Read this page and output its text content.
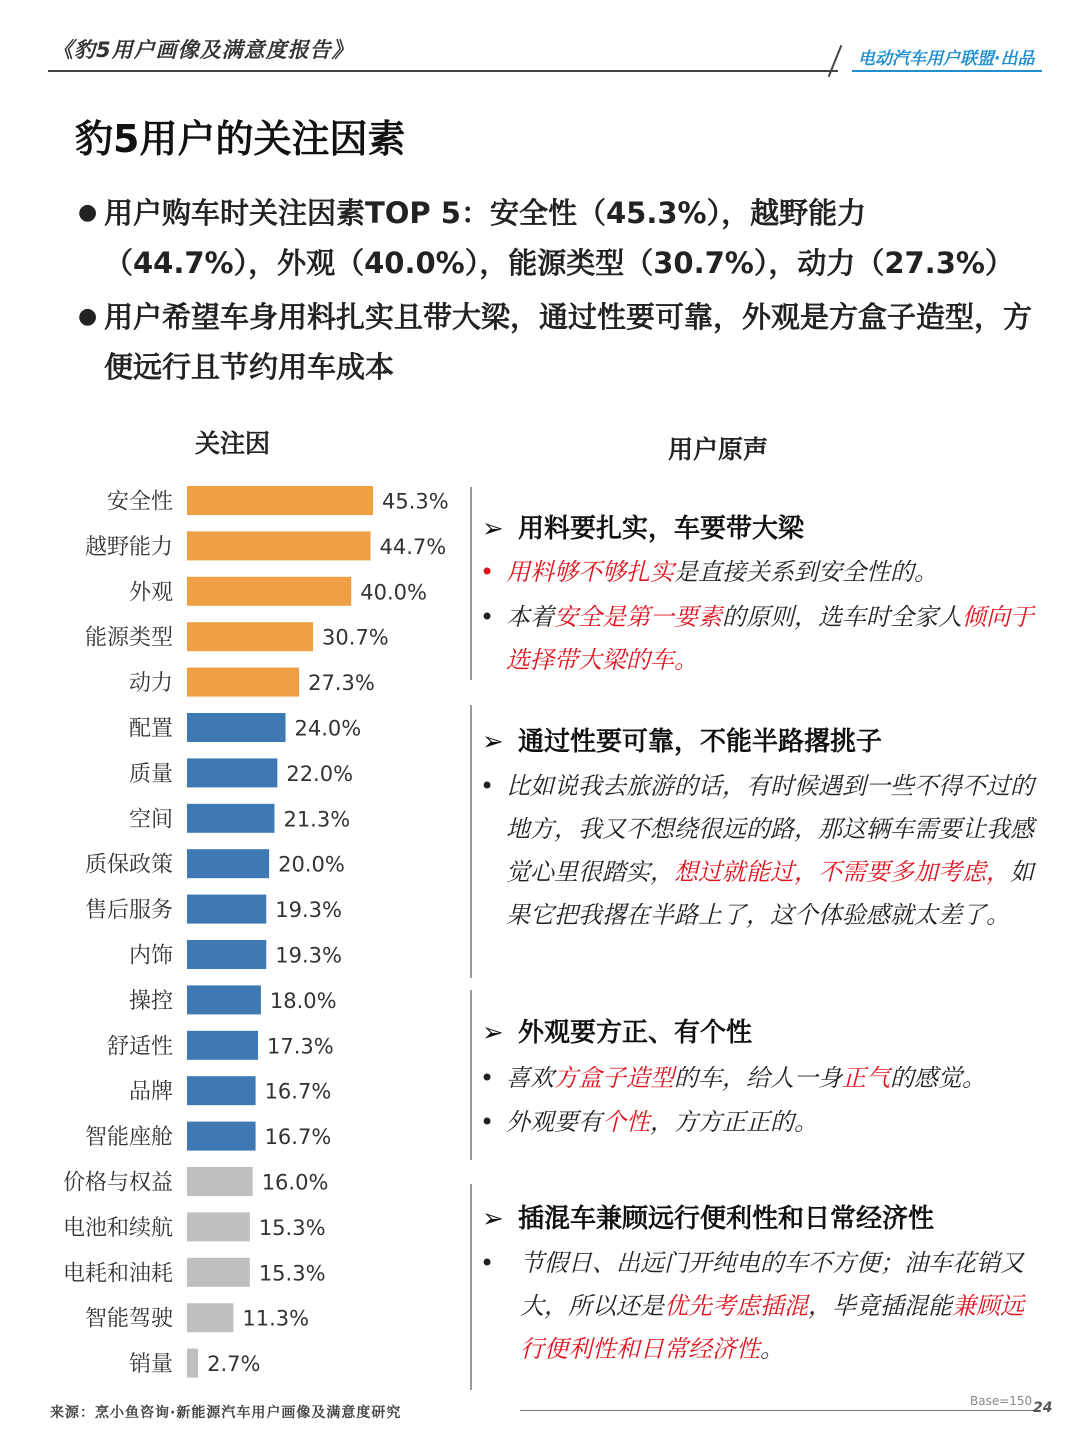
《豹5用户画像及满意度报告》	电动汽车用户联盟·出品
豹5用户的关注因素
● 用户购车时关注因素TOP 5：安全性（45.3%），越野能力（44.7%），外观（40.0%），能源类型（30.7%），动力（27.3%）
● 用户希望车身用料扎实且带大梁，通过性要可靠，外观是方盒子造型，方便远行且节约用车成本
关注因	用户原声
安全性	45.3%
越野能力	44.7%
外观	40.0%
能源类型	30.7%
动力	27.3%
配置	24.0%
质量	22.0%
空间	21.3%
质保政策	20.0%
售后服务	19.3%
内饰	19.3%
操控	18.0%
舒适性	17.3%
品牌	16.7%
智能座舱	16.7%
价格与权益	16.0%
电池和续航	15.3%
电耗和油耗	15.3%
智能驾驶	11.3%
销量 2.7%
➢ 用料要扎实，车要带大梁
• 用料够不够扎实是直接关系到安全性的。
• 本着安全是第一要素的原则，选车时全家人倾向于选择带大梁的车。
➢ 通过性要可靠，不能半路撂挑子
• 比如说我去旅游的话，有时候遇到一些不得不过的地方，我又不想绕很远的路，那这辆车需要让我感觉心里很踏实，想过就能过，不需要多加考虑，如果它把我撂在半路上了，这个体验感就太差了。
➢ 外观要方正、有个性
• 喜欢方盒子造型的车，给人一身正气的感觉。
• 外观要有个性，方方正正的。
➢ 插混车兼顾远行便利性和日常经济性
• 节假日、出远门开纯电的车不方便；油车花销又大，所以还是优先考虑插混，毕竟插混能兼顾远行便利性和日常经济性。
来源：烹小鱼咨询·新能源汽车用户画像及满意度研究
Base=150 24
